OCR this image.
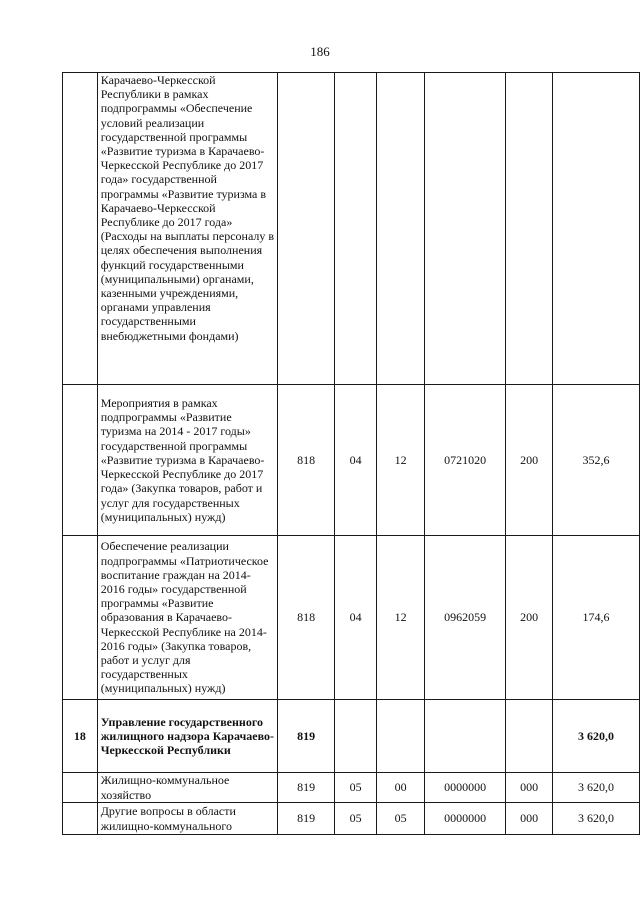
186
	Карачаево-Черкесской Республики в рамках подпрограммы «Обеспечение условий реализации государственной программы «Развитие туризма в Карачаево-Черкесской Республике до 2017 года» государственной программы «Развитие туризма в Карачаево-Черкесской Республике до 2017 года» (Расходы на выплаты персоналу в целях обеспечения выполнения функций государственными (муниципальными) органами, казенными учреждениями, органами управления государственными внебюджетными фондами)						
	Мероприятия в рамках подпрограммы «Развитие туризма на 2014 - 2017 годы» государственной программы «Развитие туризма в Карачаево-Черкесской Республике до 2017 года» (Закупка товаров, работ и услуг для государственных (муниципальных) нужд)	818	04	12	0721020	200	352,6
	Обеспечение реализации подпрограммы «Патриотическое воспитание граждан на 2014-2016 годы» государственной программы «Развитие образования в Карачаево-Черкесской Республике на 2014-2016 годы» (Закупка товаров, работ и услуг для государственных (муниципальных) нужд)	818	04	12	0962059	200	174,6
18	Управление государственного жилищного надзора Карачаево-Черкесской Республики	819					3 620,0
	Жилищно-коммунальное хозяйство	819	05	00	0000000	000	3 620,0
	Другие вопросы в области жилищно-коммунального	819	05	05	0000000	000	3 620,0
